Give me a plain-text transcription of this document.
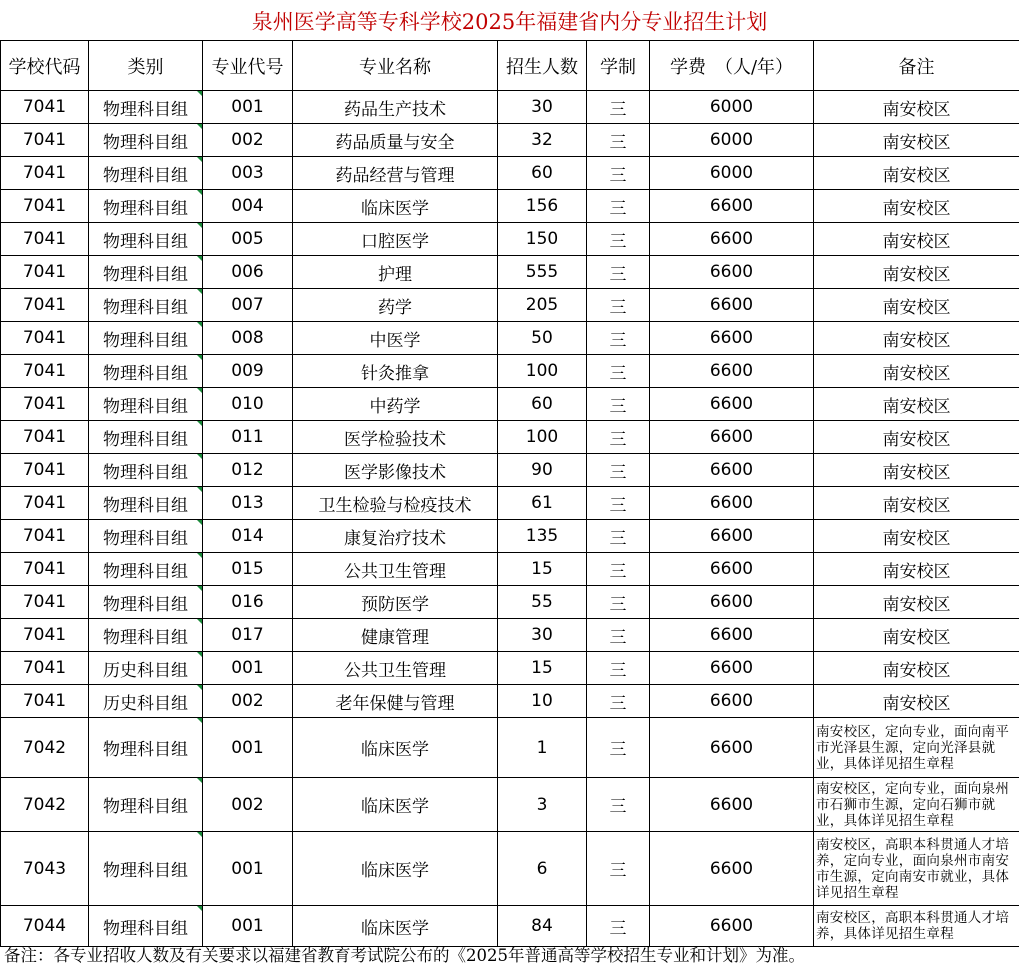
泉州医学高等专科学校2025年福建省内分专业招生计划
学校代码	类别	专业代号	专业名称	招生人数	学制	学费　（人/年）	备注
7041	物理科目组	001	药品生产技术	30	三	6000	南安校区
7041	物理科目组	002	药品质量与安全	32	三	6000	南安校区
7041	物理科目组	003	药品经营与管理	60	三	6000	南安校区
7041	物理科目组	004	临床医学	156	三	6600	南安校区
7041	物理科目组	005	口腔医学	150	三	6600	南安校区
7041	物理科目组	006	护理	555	三	6600	南安校区
7041	物理科目组	007	药学	205	三	6600	南安校区
7041	物理科目组	008	中医学	50	三	6600	南安校区
7041	物理科目组	009	针灸推拿	100	三	6600	南安校区
7041	物理科目组	010	中药学	60	三	6600	南安校区
7041	物理科目组	011	医学检验技术	100	三	6600	南安校区
7041	物理科目组	012	医学影像技术	90	三	6600	南安校区
7041	物理科目组	013	卫生检验与检疫技术	61	三	6600	南安校区
7041	物理科目组	014	康复治疗技术	135	三	6600	南安校区
7041	物理科目组	015	公共卫生管理	15	三	6600	南安校区
7041	物理科目组	016	预防医学	55	三	6600	南安校区
7041	物理科目组	017	健康管理	30	三	6600	南安校区
7041	历史科目组	001	公共卫生管理	15	三	6600	南安校区
7041	历史科目组	002	老年保健与管理	10	三	6600	南安校区
7042	物理科目组	001	临床医学	1	三	6600	南安校区，定向专业，面向南平市光泽县生源，定向光泽县就业，具体详见招生章程
7042	物理科目组	002	临床医学	3	三	6600	南安校区，定向专业，面向泉州市石狮市生源，定向石狮市就业，具体详见招生章程
7043	物理科目组	001	临床医学	6	三	6600	南安校区，高职本科贯通人才培养，定向专业，面向泉州市南安市生源，定向南安市就业，具体详见招生章程
7044	物理科目组	001	临床医学	84	三	6600	南安校区，高职本科贯通人才培养，具体详见招生章程
备注：各专业招收人数及有关要求以福建省教育考试院公布的《2025年普通高等学校招生专业和计划》为准。
